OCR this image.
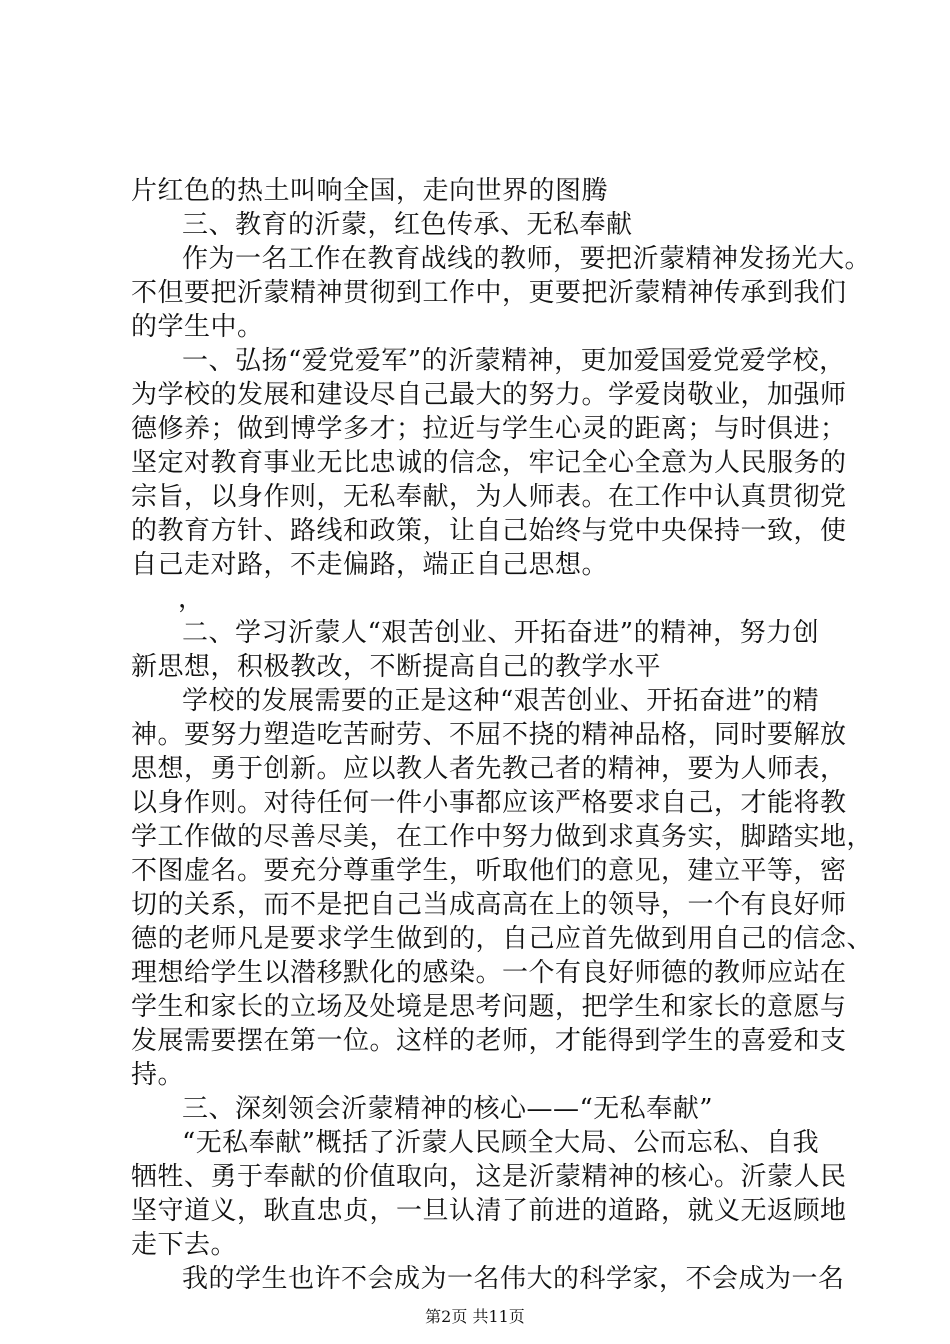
片红色的热土叫响全国，走向世界的图腾
三、教育的沂蒙，红色传承、无私奉献
作为一名工作在教育战线的教师，要把沂蒙精神发扬光大。
不但要把沂蒙精神贯彻到工作中，更要把沂蒙精神传承到我们
的学生中。
一、弘扬“爱党爱军”的沂蒙精神，更加爱国爱党爱学校，
为学校的发展和建设尽自己最大的努力。学爱岗敬业，加强师
德修养；做到博学多才；拉近与学生心灵的距离；与时俱进；
坚定对教育事业无比忠诚的信念，牢记全心全意为人民服务的
宗旨，以身作则，无私奉献，为人师表。在工作中认真贯彻党
的教育方针、路线和政策，让自己始终与党中央保持一致，使
自己走对路，不走偏路，端正自己思想。
，
二、学习沂蒙人“艰苦创业、开拓奋进”的精神，努力创
新思想，积极教改，不断提高自己的教学水平
学校的发展需要的正是这种“艰苦创业、开拓奋进”的精
神。要努力塑造吃苦耐劳、不屈不挠的精神品格，同时要解放
思想，勇于创新。应以教人者先教己者的精神，要为人师表，
以身作则。对待任何一件小事都应该严格要求自己，才能将教
学工作做的尽善尽美，在工作中努力做到求真务实，脚踏实地，
不图虚名。要充分尊重学生，听取他们的意见，建立平等，密
切的关系，而不是把自己当成高高在上的领导，一个有良好师
德的老师凡是要求学生做到的，自己应首先做到用自己的信念、
理想给学生以潜移默化的感染。一个有良好师德的教师应站在
学生和家长的立场及处境是思考问题，把学生和家长的意愿与
发展需要摆在第一位。这样的老师，才能得到学生的喜爱和支
持。
三、深刻领会沂蒙精神的核心——“无私奉献”
“无私奉献”概括了沂蒙人民顾全大局、公而忘私、自我
牺牲、勇于奉献的价值取向，这是沂蒙精神的核心。沂蒙人民
坚守道义，耿直忠贞，一旦认清了前进的道路，就义无返顾地
走下去。
我的学生也许不会成为一名伟大的科学家，不会成为一名
第2页 共11页
